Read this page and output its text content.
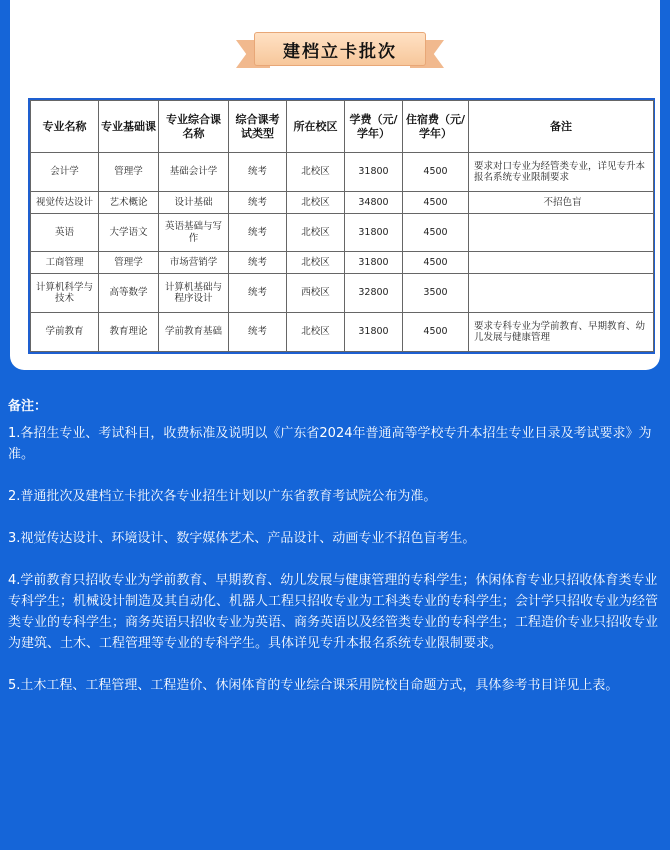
建档立卡批次
专业名称	专业基础课	专业综合课名称	综合课考试类型	所在校区	学费（元/学年）	住宿费（元/学年）	备注
会计学	管理学	基础会计学	统考	北校区	31800	4500	要求对口专业为经管类专业，详见专升本报名系统专业限制要求
视觉传达设计	艺术概论	设计基础	统考	北校区	34800	4500	不招色盲
英语	大学语文	英语基础与写作	统考	北校区	31800	4500	
工商管理	管理学	市场营销学	统考	北校区	31800	4500	
计算机科学与技术	高等数学	计算机基础与程序设计	统考	西校区	32800	3500	
学前教育	教育理论	学前教育基础	统考	北校区	31800	4500	要求专科专业为学前教育、早期教育、幼儿发展与健康管理
备注：

1.各招生专业、考试科目，收费标准及说明以《广东省2024年普通高等学校专升本招生专业目录及考试要求》为准。

2.普通批次及建档立卡批次各专业招生计划以广东省教育考试院公布为准。

3.视觉传达设计、环境设计、数字媒体艺术、产品设计、动画专业不招色盲考生。

4.学前教育只招收专业为学前教育、早期教育、幼儿发展与健康管理的专科学生；休闲体育专业只招收体育类专业专科学生；机械设计制造及其自动化、机器人工程只招收专业为工科类专业的专科学生；会计学只招收专业为经管类专业的专科学生；商务英语只招收专业为英语、商务英语以及经管类专业的专科学生；工程造价专业只招收专业为建筑、土木、工程管理等专业的专科学生。具体详见专升本报名系统专业限制要求。

5.土木工程、工程管理、工程造价、休闲体育的专业综合课采用院校自命题方式，具体参考书目详见上表。
